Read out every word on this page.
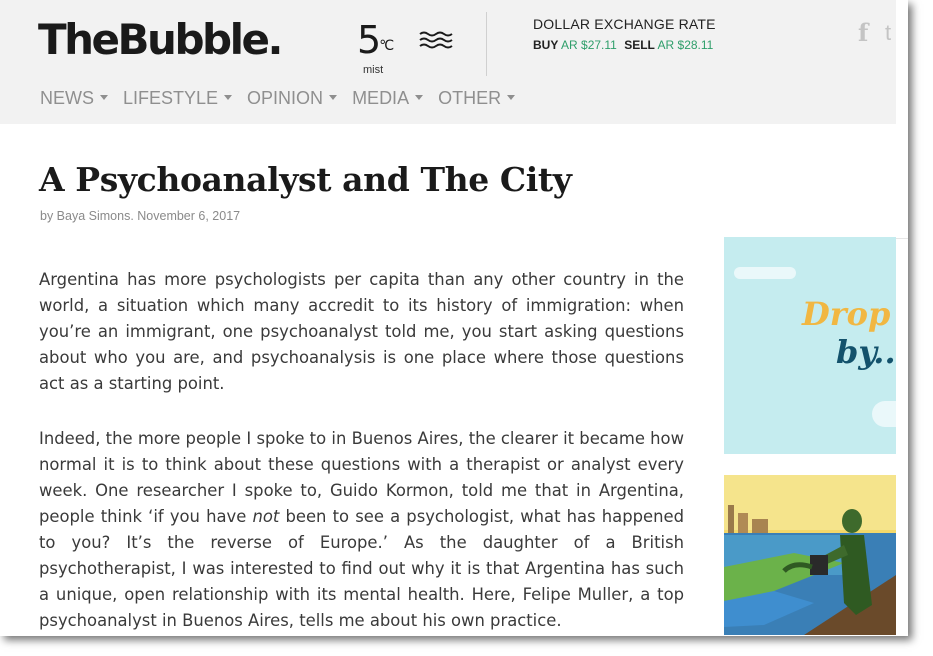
TheBubble. $5^{^\circ C}$
mist
DOLLAR EXCHANGE RATE
BUY AR $27.11 SELL AR $28.11	f t
NEWS	LIFESTYLE	OPINION	MEDIA	OTHER
A Psychoanalyst and The City
by Baya Simons. November 6, 2017

Argentina has more psychologists per capita than any other country in the world, a situation which many accredit to its history of immigration: when you’re an immigrant, one psychoanalyst told me, you start asking questions about who you are, and psychoanalysis is one place where those questions act as a starting point.

Indeed, the more people I spoke to in Buenos Aires, the clearer it became how normal it is to think about these questions with a therapist or analyst every week. One researcher I spoke to, Guido Kormon, told me that in Argentina, people think ‘if you have not been to see a psychologist, what has happened to you? It’s the reverse of Europe.’ As the daughter of a British psychotherapist, I was interested to find out why it is that Argentina has such a unique, open relationship with its mental health. Here, Felipe Muller, a top psychoanalyst in Buenos Aires, tells me about his own practice.

Drop
by..
